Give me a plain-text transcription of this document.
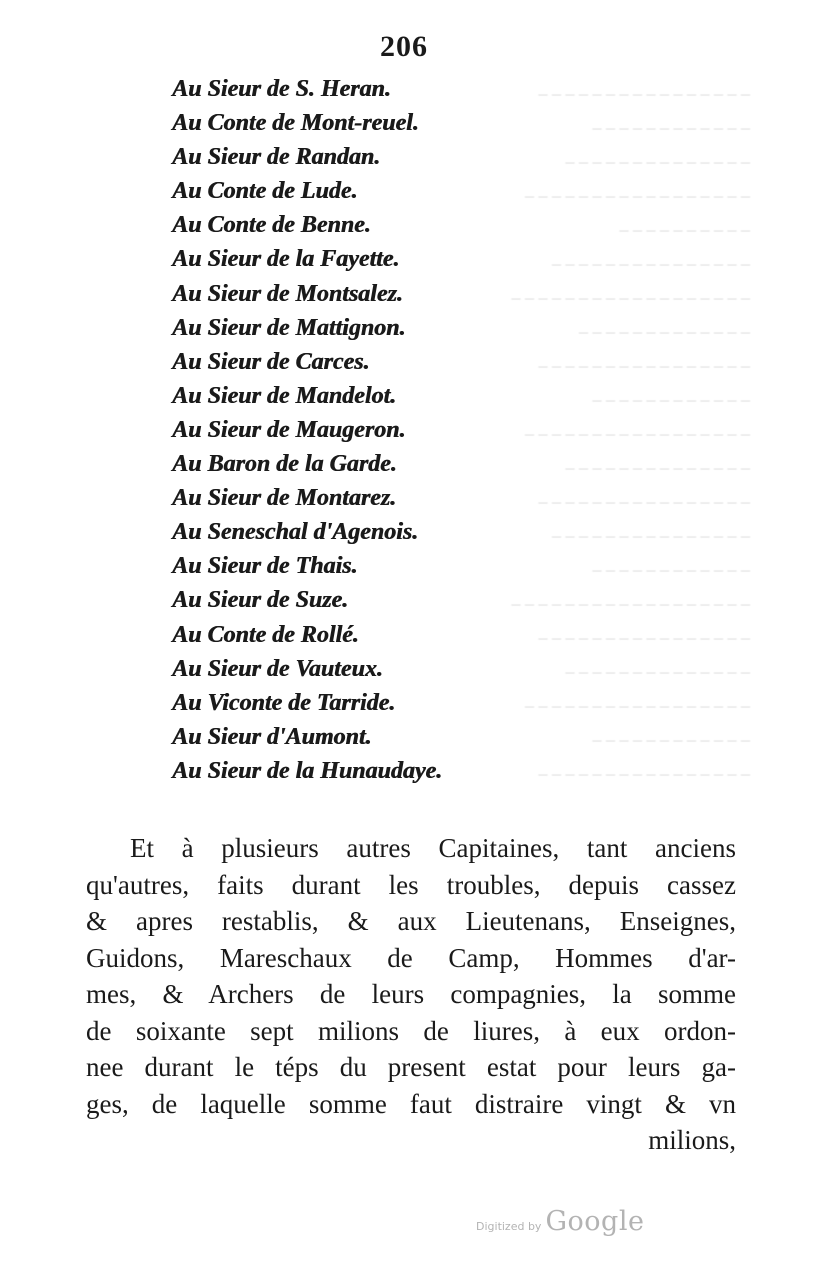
_ _ _ _ _ _ _ _ _ _ _ _ _ _ _ _
_ _ _ _ _ _ _ _ _ _ _ _
_ _ _ _ _ _ _ _ _ _ _ _ _ _
_ _ _ _ _ _ _ _ _ _ _ _ _ _ _ _ _
_ _ _ _ _ _ _ _ _ _
_ _ _ _ _ _ _ _ _ _ _ _ _ _ _
_ _ _ _ _ _ _ _ _ _ _ _ _ _ _ _ _ _
_ _ _ _ _ _ _ _ _ _ _ _ _
_ _ _ _ _ _ _ _ _ _ _ _ _ _ _ _
_ _ _ _ _ _ _ _ _ _ _ _
_ _ _ _ _ _ _ _ _ _ _ _ _ _ _ _ _
_ _ _ _ _ _ _ _ _ _ _ _ _ _
_ _ _ _ _ _ _ _ _ _ _ _ _ _ _ _
_ _ _ _ _ _ _ _ _ _ _ _ _ _ _
_ _ _ _ _ _ _ _ _ _ _ _
_ _ _ _ _ _ _ _ _ _ _ _ _ _ _ _ _ _
_ _ _ _ _ _ _ _ _ _ _ _ _ _ _ _
_ _ _ _ _ _ _ _ _ _ _ _ _ _
_ _ _ _ _ _ _ _ _ _ _ _ _ _ _ _ _
_ _ _ _ _ _ _ _ _ _ _ _
_ _ _ _ _ _ _ _ _ _ _ _ _ _ _ _
206
Au Sieur de S. Heran.
Au Conte de Mont-reuel.
Au Sieur de Randan.
Au Conte de Lude.
Au Conte de Benne.
Au Sieur de la Fayette.
Au Sieur de Montsalez.
Au Sieur de Mattignon.
Au Sieur de Carces.
Au Sieur de Mandelot.
Au Sieur de Maugeron.
Au Baron de la Garde.
Au Sieur de Montarez.
Au Seneschal d'Agenois.
Au Sieur de Thais.
Au Sieur de Suze.
Au Conte de Rollé.
Au Sieur de Vauteux.
Au Viconte de Tarride.
Au Sieur d'Aumont.
Au Sieur de la Hunaudaye.
Et à plusieurs autres Capitaines, tant anciens
qu'autres, faits durant les troubles, depuis cassez
& apres restablis, & aux Lieutenans, Enseignes,
Guidons, Mareschaux de Camp, Hommes d'ar-
mes, & Archers de leurs compagnies, la somme
de soixante sept milions de liures, à eux ordon-
nee durant le téps du present estat pour leurs ga-
ges, de laquelle somme faut distraire vingt & vn
milions,
Digitized by Google
